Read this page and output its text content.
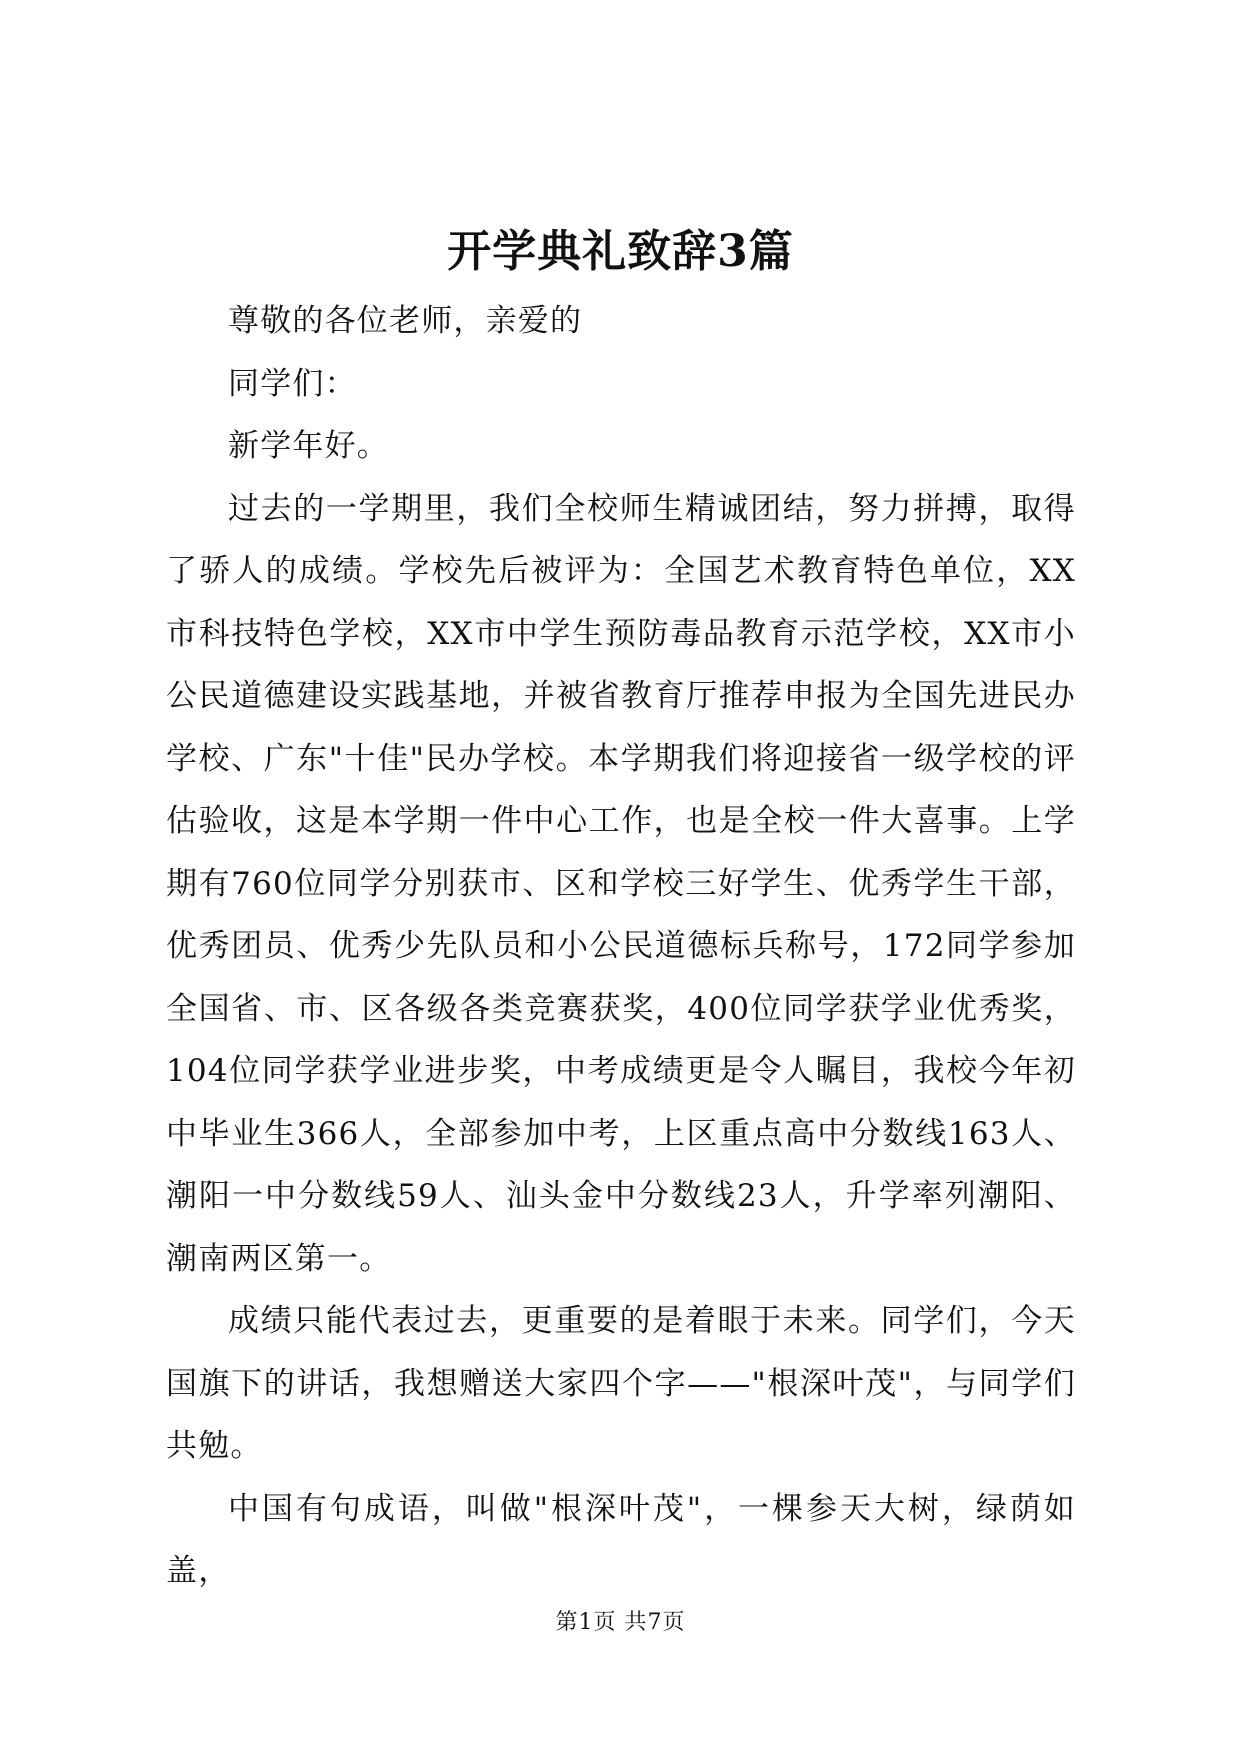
开学典礼致辞3篇

尊敬的各位老师，亲爱的

同学们：

新学年好。

过去的一学期里，我们全校师生精诚团结，努力拼搏，取得了骄人的成绩。学校先后被评为：全国艺术教育特色单位，XX市科技特色学校，XX市中学生预防毒品教育示范学校，XX市小公民道德建设实践基地，并被省教育厅推荐申报为全国先进民办学校、广东"十佳"民办学校。本学期我们将迎接省一级学校的评估验收，这是本学期一件中心工作，也是全校一件大喜事。上学期有760位同学分别获市、区和学校三好学生、优秀学生干部，优秀团员、优秀少先队员和小公民道德标兵称号，172同学参加全国省、市、区各级各类竞赛获奖，400位同学获学业优秀奖，104位同学获学业进步奖，中考成绩更是令人瞩目，我校今年初中毕业生366人，全部参加中考，上区重点高中分数线163人、潮阳一中分数线59人、汕头金中分数线23人，升学率列潮阳、潮南两区第一。

成绩只能代表过去，更重要的是着眼于未来。同学们，今天国旗下的讲话，我想赠送大家四个字——"根深叶茂"，与同学们共勉。

中国有句成语，叫做"根深叶茂"，一棵参天大树，绿荫如盖，

第1页 共7页
